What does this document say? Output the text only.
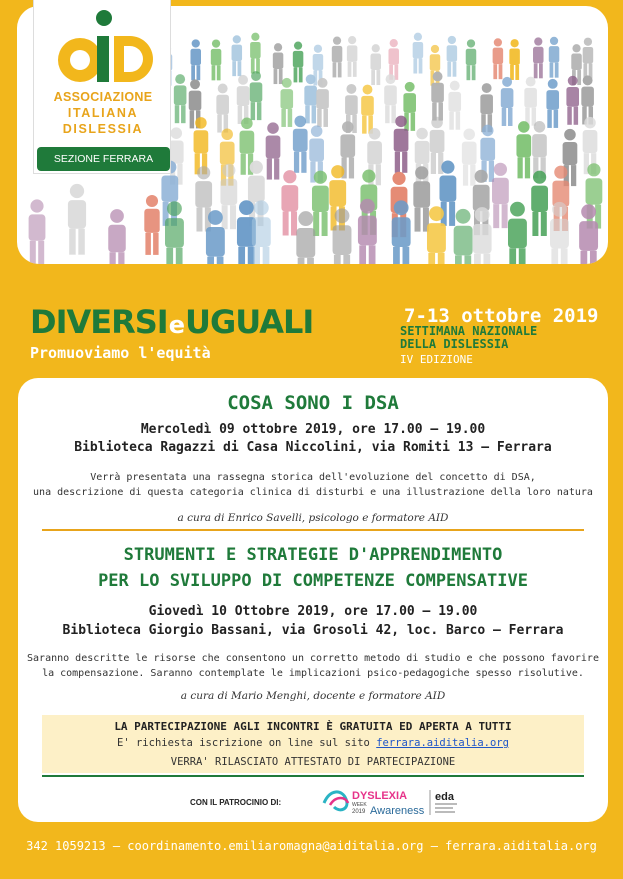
ASSOCIAZIONE
ITALIANA
DISLESSIA
SEZIONE FERRARA
DIVERSIeUGUALI
Promuoviamo l'equità
7-13 ottobre 2019
SETTIMANA NAZIONALE
DELLA DISLESSIA
IV EDIZIONE
COSA SONO I DSA
Mercoledì 09 ottobre 2019, ore 17.00 – 19.00
Biblioteca Ragazzi di Casa Niccolini, via Romiti 13 – Ferrara
Verrà presentata una rassegna storica dell'evoluzione del concetto di DSA,
una descrizione di questa categoria clinica di disturbi e una illustrazione della loro natura
a cura di Enrico Savelli, psicologo e formatore AID
STRUMENTI E STRATEGIE D'APPRENDIMENTO
PER LO SVILUPPO DI COMPETENZE COMPENSATIVE
Giovedì 10 Ottobre 2019, ore 17.00 – 19.00
Biblioteca Giorgio Bassani, via Grosoli 42, loc. Barco – Ferrara
Saranno descritte le risorse che consentono un corretto metodo di studio e che possono favorire
la compensazione. Saranno contemplate le implicazioni psico-pedagogiche spesso risolutive.
a cura di Mario Menghi, docente e formatore AID
LA PARTECIPAZIONE AGLI INCONTRI È GRATUITA ED APERTA A TUTTI
E' richiesta iscrizione on line sul sito ferrara.aiditalia.org
VERRA' RILASCIATO ATTESTATO DI PARTECIPAZIONE
CON IL PATROCINIO DI:
DYSLEXIA
WEEK
2019 Awareness
eda
342 1059213 – coordinamento.emiliaromagna@aiditalia.org – ferrara.aiditalia.org
